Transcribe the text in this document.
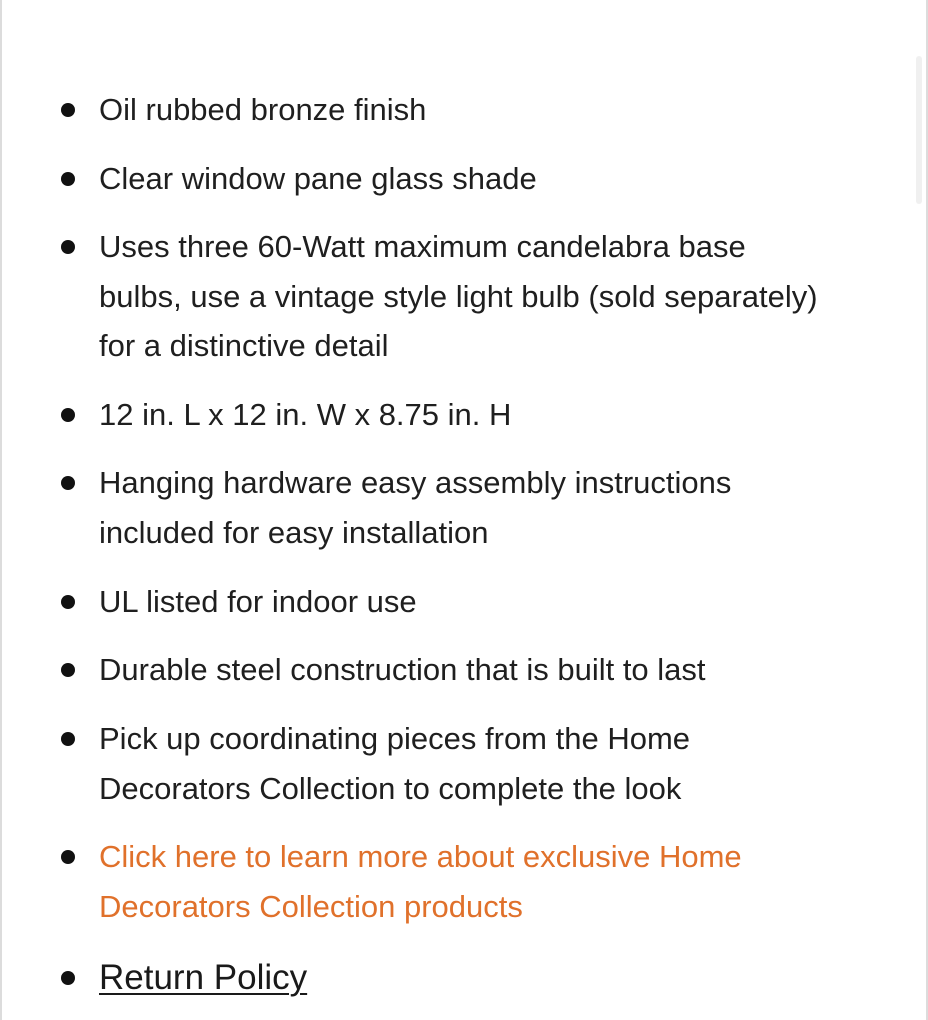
Oil rubbed bronze finish
Clear window pane glass shade
Uses three 60-Watt maximum candelabra base bulbs, use a vintage style light bulb (sold separately) for a distinctive detail
12 in. L x 12 in. W x 8.75 in. H
Hanging hardware easy assembly instructions included for easy installation
UL listed for indoor use
Durable steel construction that is built to last
Pick up coordinating pieces from the Home Decorators Collection to complete the look
Click here to learn more about exclusive Home Decorators Collection products
Return Policy
